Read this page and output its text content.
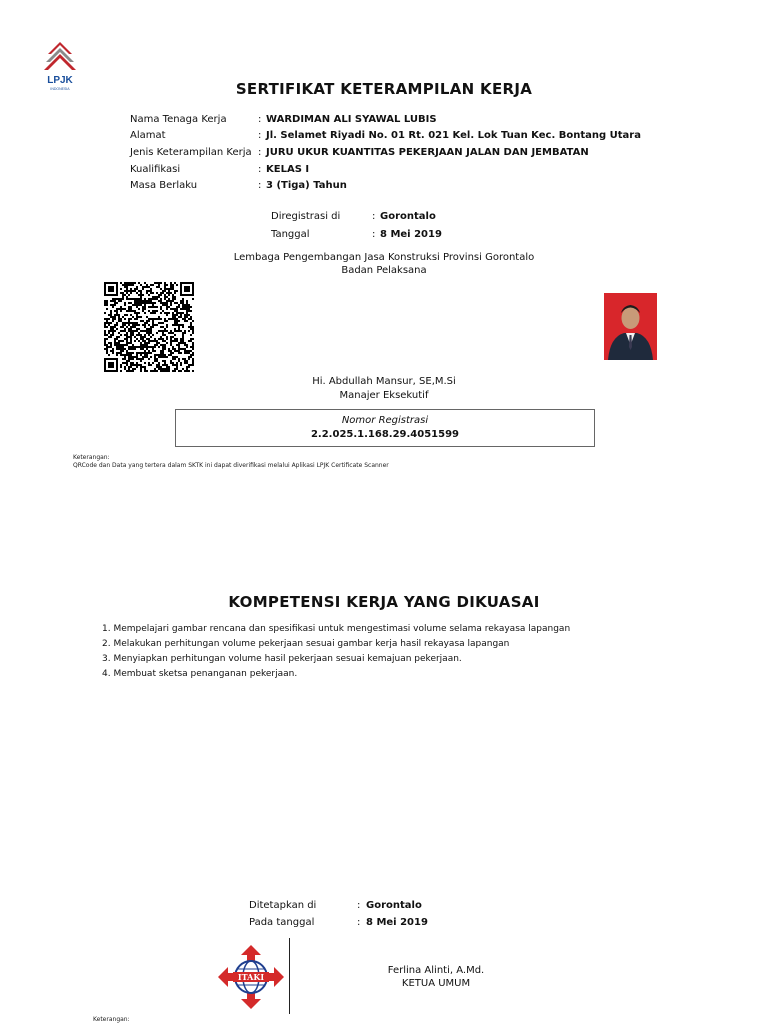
LPJK
INDONESIA	SERTIFIKAT KETERAMPILAN KERJA
Nama Tenaga Kerja	: WARDIMAN ALI SYAWAL LUBIS
Alamat	: Jl. Selamet Riyadi No. 01 Rt. 021 Kel. Lok Tuan Kec. Bontang Utara
Jenis Keterampilan Kerja : JURU UKUR KUANTITAS PEKERJAAN JALAN DAN JEMBATAN
Kualifikasi	: KELAS I
Masa Berlaku	: 3 (Tiga) Tahun
Diregistrasi di	: Gorontalo
Tanggal	: 8 Mei 2019
Lembaga Pengembangan Jasa Konstruksi Provinsi Gorontalo
Badan Pelaksana
Hi. Abdullah Mansur, SE,M.Si
Manajer Eksekutif
Nomor Registrasi
2.2.025.1.168.29.4051599
Keterangan:
QRCode dan Data yang tertera dalam SKTK ini dapat diverifikasi melalui Aplikasi LPJK Certificate Scanner
KOMPETENSI KERJA YANG DIKUASAI
1. Mempelajari gambar rencana dan spesifikasi untuk mengestimasi volume selama rekayasa lapangan
2. Melakukan perhitungan volume pekerjaan sesuai gambar kerja hasil rekayasa lapangan
3. Menyiapkan perhitungan volume hasil pekerjaan sesuai kemajuan pekerjaan.
4. Membuat sketsa penanganan pekerjaan.
Ditetapkan di	: Gorontalo
Pada tanggal	: 8 Mei 2019
ITAKI
Ferlina Alinti, A.Md.
KETUA UMUM
Keterangan:
